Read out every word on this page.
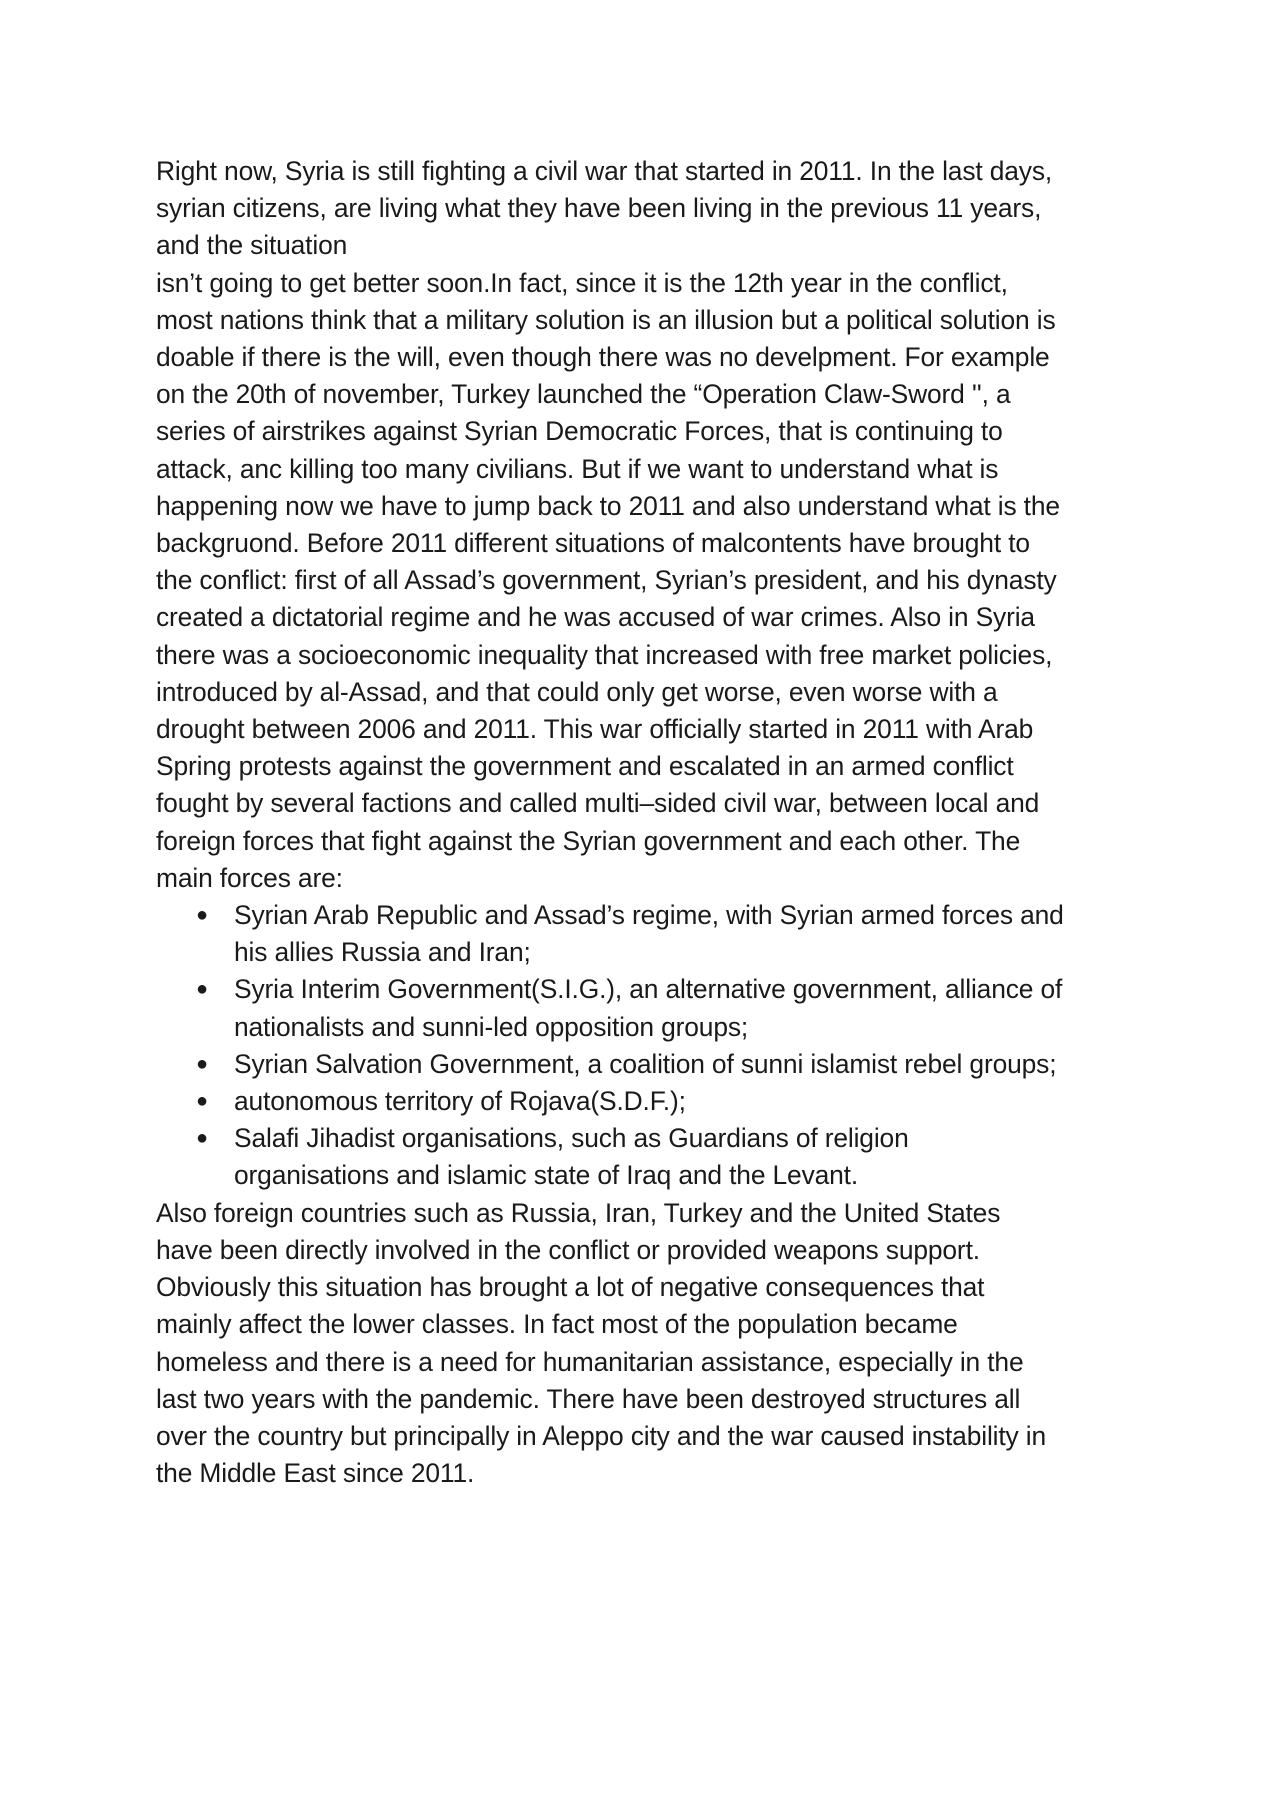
Right now, Syria is still fighting a civil war that started in 2011. In the last days,
syrian citizens, are living what they have been living in the previous 11 years,
and the situation
isn’t going to get better soon.In fact, since it is the 12th year in the conflict,
most nations think that a military solution is an illusion but a political solution is
doable if there is the will, even though there was no develpment. For example
on the 20th of november, Turkey launched the “Operation Claw-Sword '', a
series of airstrikes against Syrian Democratic Forces, that is continuing to
attack, anc killing too many civilians. But if we want to understand what is
happening now we have to jump back to 2011 and also understand what is the
backgruond. Before 2011 different situations of malcontents have brought to
the conflict: first of all Assad’s government, Syrian’s president, and his dynasty
created a dictatorial regime and he was accused of war crimes. Also in Syria
there was a socioeconomic inequality that increased with free market policies,
introduced by al-Assad, and that could only get worse, even worse with a
drought between 2006 and 2011. This war officially started in 2011 with Arab
Spring protests against the government and escalated in an armed conflict
fought by several factions and called multi–sided civil war, between local and
foreign forces that fight against the Syrian government and each other. The
main forces are:
● Syrian Arab Republic and Assad’s regime, with Syrian armed forces and
his allies Russia and Iran;
● Syria Interim Government(S.I.G.), an alternative government, alliance of
nationalists and sunni-led opposition groups;
● Syrian Salvation Government, a coalition of sunni islamist rebel groups;
● autonomous territory of Rojava(S.D.F.);
● Salafi Jihadist organisations, such as Guardians of religion
organisations and islamic state of Iraq and the Levant.
Also foreign countries such as Russia, Iran, Turkey and the United States
have been directly involved in the conflict or provided weapons support.
Obviously this situation has brought a lot of negative consequences that
mainly affect the lower classes. In fact most of the population became
homeless and there is a need for humanitarian assistance, especially in the
last two years with the pandemic. There have been destroyed structures all
over the country but principally in Aleppo city and the war caused instability in
the Middle East since 2011.
